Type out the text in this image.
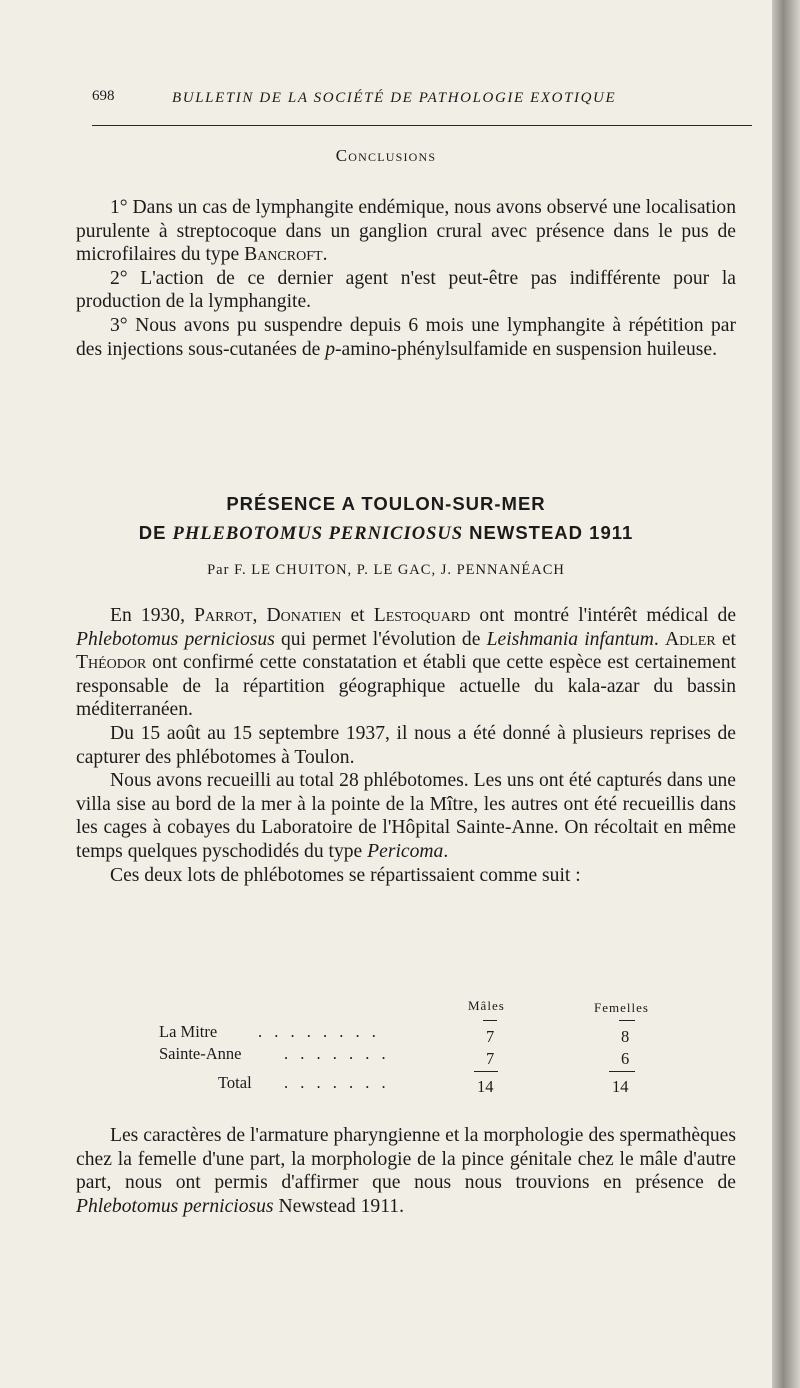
698	BULLETIN DE LA SOCIÉTÉ DE PATHOLOGIE EXOTIQUE
Conclusions

1° Dans un cas de lymphangite endémique, nous avons observé une localisation purulente à streptocoque dans un ganglion crural avec présence dans le pus de microfilaires du type Bancroft.

2° L'action de ce dernier agent n'est peut-être pas indifférente pour la production de la lymphangite.

3° Nous avons pu suspendre depuis 6 mois une lymphangite à répétition par des injections sous-cutanées de p-amino-phénylsulfamide en suspension huileuse.

PRÉSENCE A TOULON-SUR-MER
DE PHLEBOTOMUS PERNICIOSUS NEWSTEAD 1911
Par F. LE CHUITON, P. LE GAC, J. PENNANÉACH

En 1930, Parrot, Donatien et Lestoquard ont montré l'intérêt médical de Phlebotomus perniciosus qui permet l'évolution de Leishmania infantum. Adler et Théodor ont confirmé cette constatation et établi que cette espèce est certainement responsable de la répartition géographique actuelle du kala-azar du bassin méditerranéen.

Du 15 août au 15 septembre 1937, il nous a été donné à plusieurs reprises de capturer des phlébotomes à Toulon.

Nous avons recueilli au total 28 phlébotomes. Les uns ont été capturés dans une villa sise au bord de la mer à la pointe de la Mître, les autres ont été recueillis dans les cages à cobayes du Laboratoire de l'Hôpital Sainte-Anne. On récoltait en même temps quelques pyschodidés du type Pericoma.

Ces deux lots de phlébotomes se répartissaient comme suit :

Mâles	Femelles
La Mitre . . . . . . . .	7	8
Sainte-Anne	. . . . . . .	7	6
Total . . . . . . .	14	14

Les caractères de l'armature pharyngienne et la morphologie des spermathèques chez la femelle d'une part, la morphologie de la pince génitale chez le mâle d'autre part, nous ont permis d'affirmer que nous nous trouvions en présence de Phlebotomus perniciosus Newstead 1911.
